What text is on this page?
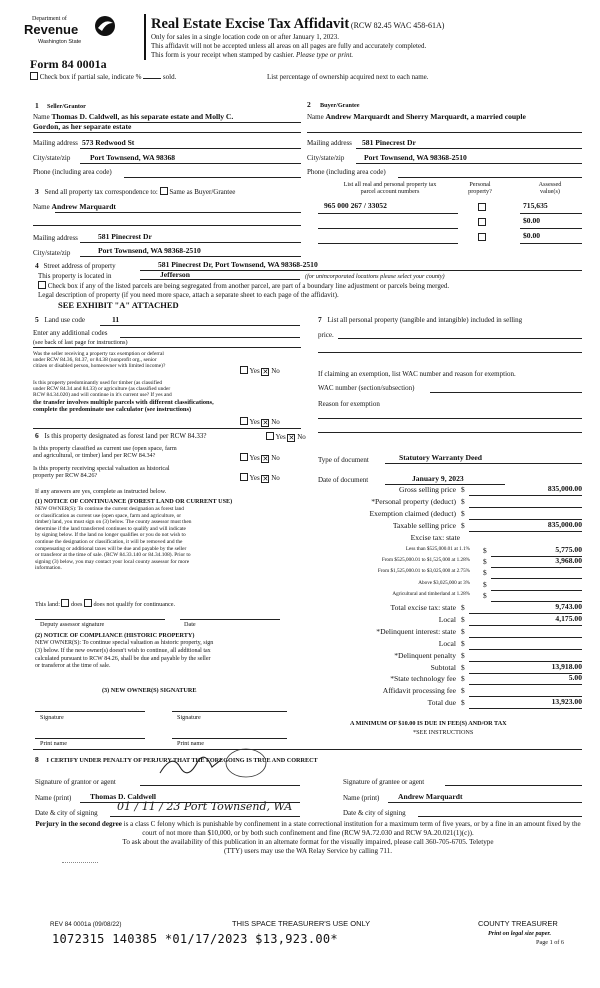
Department of
Revenue
Washington State
Form 84 0001a
Real Estate Excise Tax Affidavit (RCW 82.45 WAC 458-61A)
Only for sales in a single location code on or after January 1, 2023.
This affidavit will not be accepted unless all areas on all pages are fully and accurately completed.
This form is your receipt when stamped by cashier. Please type or print.
Check box if partial sale, indicate %	sold.	List percentage of ownership acquired next to each name.
1 Seller/Grantor
Name Thomas D. Caldwell, as his separate estate and Molly C.
Gordon, as her separate estate
Mailing address 573 Redwood St
City/state/zip	Port Townsend, WA 98368
Phone (including area code)
2 Buyer/Grantee
Name Andrew Marquardt and Sherry Marquardt, a married couple
Mailing address 581 Pinecrest Dr
City/state/zip	Port Townsend, WA 98368-2510
Phone (including area code)
3 Send all property tax correspondence to: Same as Buyer/Grantee
Name Andrew Marquardt
Mailing address	581 Pinecrest Dr
City/state/zip	Port Townsend, WA 98368-2510
List all real and personal property tax
parcel account numbers
Personal
property?
Assessed
value(s)
965 000 267 / 33052	715,635
$0.00
$0.00
4 Street address of property	581 Pinecrest Dr, Port Townsend, WA 98368-2510
This property is located in	Jefferson	(for unincorporated locations please select your county)
Check box if any of the listed parcels are being segregated from another parcel, are part of a boundary line adjustment or parcels being merged.
Legal description of property (if you need more space, attach a separate sheet to each page of the affidavit).
SEE EXHIBIT "A" ATTACHED
5 Land use code	11
Enter any additional codes
(see back of last page for instructions)
Was the seller receiving a property tax exemption or deferral
under RCW 84.36, 84.37, or 84.38 (nonprofit org., senior
citizen or disabled person, homeowner with limited income)?
Yes ✕ No
Is this property predominantly used for timber (as classified
under RCW 84.34 and 84.33) or agriculture (as classified under
RCW 84.34.020) and will continue in it's current use? If yes and
the transfer involves multiple parcels with different classifications,
complete the predominate use calculator (see instructions)
Yes ✕ No
6 Is this property designated as forest land per RCW 84.33?	Yes ✕ No
Is this property classified as current use (open space, farm
and agricultural, or timber) land per RCW 84.34?	Yes ✕ No
Is this property receiving special valuation as historical
property per RCW 84.26?	Yes ✕ No
If any answers are yes, complete as instructed below.
(1) NOTICE OF CONTINUANCE (FOREST LAND OR CURRENT USE)
NEW OWNER(S): To continue the current designation as forest land
or classification as current use (open space, farm and agriculture, or
timber) land, you must sign on (3) below. The county assessor must then
determine if the land transferred continues to qualify and will indicate
by signing below. If the land no longer qualifies or you do not wish to
continue the designation or classification, it will be removed and the
compensating or additional taxes will be due and payable by the seller
or transferor at the time of sale. (RCW 84.33.140 or 84.34.108). Prior to
signing (3) below, you may contact your local county assessor for more
information.
This land: does does not qualify for continuance.
Deputy assessor signature	Date
(2) NOTICE OF COMPLIANCE (HISTORIC PROPERTY)
NEW OWNER(S): To continue special valuation as historic property, sign
(3) below. If the new owner(s) doesn't wish to continue, all additional tax
calculated pursuant to RCW 84.26, shall be due and payable by the seller
or transferor at the time of sale.
(3) NEW OWNER(S) SIGNATURE
Signature	Signature
Print name	Print name
7 List all personal property (tangible and intangible) included in selling
price.
If claiming an exemption, list WAC number and reason for exemption.
WAC number (section/subsection)
Reason for exemption
Type of document	Statutory Warranty Deed
Date of document	January 9, 2023
Gross selling price $	835,000.00
*Personal property (deduct) $
Exemption claimed (deduct) $
Taxable selling price $	835,000.00
Excise tax: state
Less than $525,000.01 at 1.1% $	5,775.00
From $525,000.01 to $1,525,000 at 1.28% $	3,968.00
From $1,525,000.01 to $3,025,000 at 2.75% $
Above $3,025,000 at 3% $
Agricultural and timberland at 1.28% $
Total excise tax: state $	9,743.00
Local $	4,175.00
*Delinquent interest: state $
Local $
*Delinquent penalty $
Subtotal $	13,918.00
*State technology fee $	5.00
Affidavit processing fee $
Total due $	13,923.00
A MINIMUM OF $10.00 IS DUE IN FEE(S) AND/OR TAX
*SEE INSTRUCTIONS
8 I CERTIFY UNDER PENALTY OF PERJURY THAT THE FOREGOING IS TRUE AND CORRECT
Signature of grantor or agent	Signature of grantee or agent
Name (print) Thomas D. Caldwell	Name (print) Andrew Marquardt
Date & city of signing 01 / 11 / 23 Port Townsend, WA	Date & city of signing
Perjury in the second degree is a class C felony which is punishable by confinement in a state correctional institution for a maximum term of five years, or by a fine in an amount fixed by the court of not more than $10,000, or by both such confinement and fine (RCW 9A.72.030 and RCW 9A.20.021(1)(c)).
To ask about the availability of this publication in an alternate format for the visually impaired, please call 360-705-6705. Teletype
(TTY) users may use the WA Relay Service by calling 711.
REV 84 0001a (09/08/22)	THIS SPACE TREASURER'S USE ONLY	COUNTY TREASURER
Print on legal size paper.
Page 1 of 6
1072315 140385 *01/17/2023 $13,923.00*
